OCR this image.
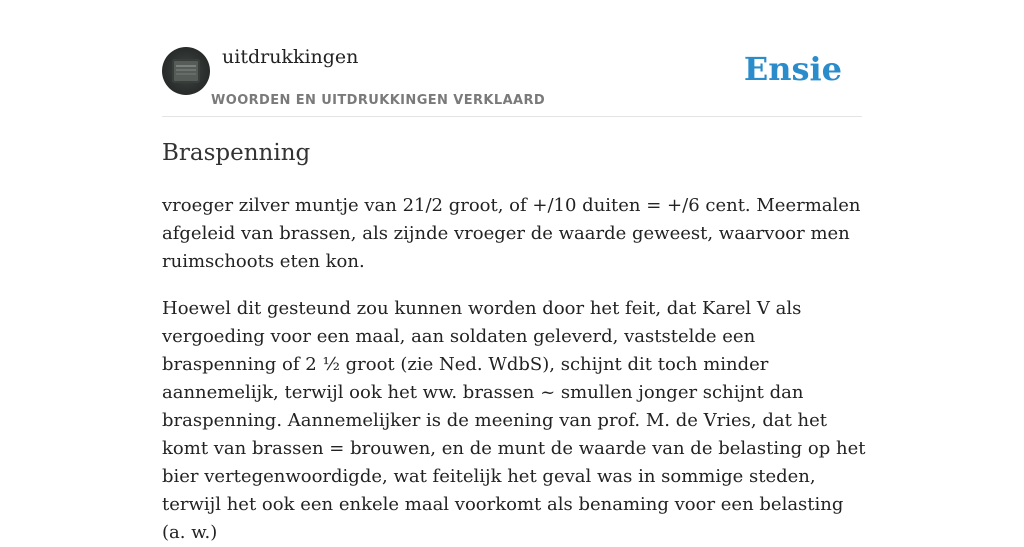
uitdrukkingen
WOORDEN EN UITDRUKKINGEN VERKLAARD
Ensie
Braspenning

vroeger zilver muntje van 21/2 groot, of +/10 duiten = +/6 cent. Meermalen afgeleid van brassen, als zijnde vroeger de waarde geweest, waarvoor men ruimschoots eten kon.

Hoewel dit gesteund zou kunnen worden door het feit, dat Karel V als vergoeding voor een maal, aan soldaten geleverd, vaststelde een braspenning of 2 ½ groot (zie Ned. WdbS), schijnt dit toch minder aannemelijk, terwijl ook het ww. brassen ~ smullen jonger schijnt dan braspenning. Aannemelijker is de meening van prof. M. de Vries, dat het komt van brassen = brouwen, en de munt de waarde van de belasting op het bier vertegenwoordigde, wat feitelijk het geval was in sommige steden, terwijl het ook een enkele maal voorkomt als benaming voor een belasting (a. w.)
